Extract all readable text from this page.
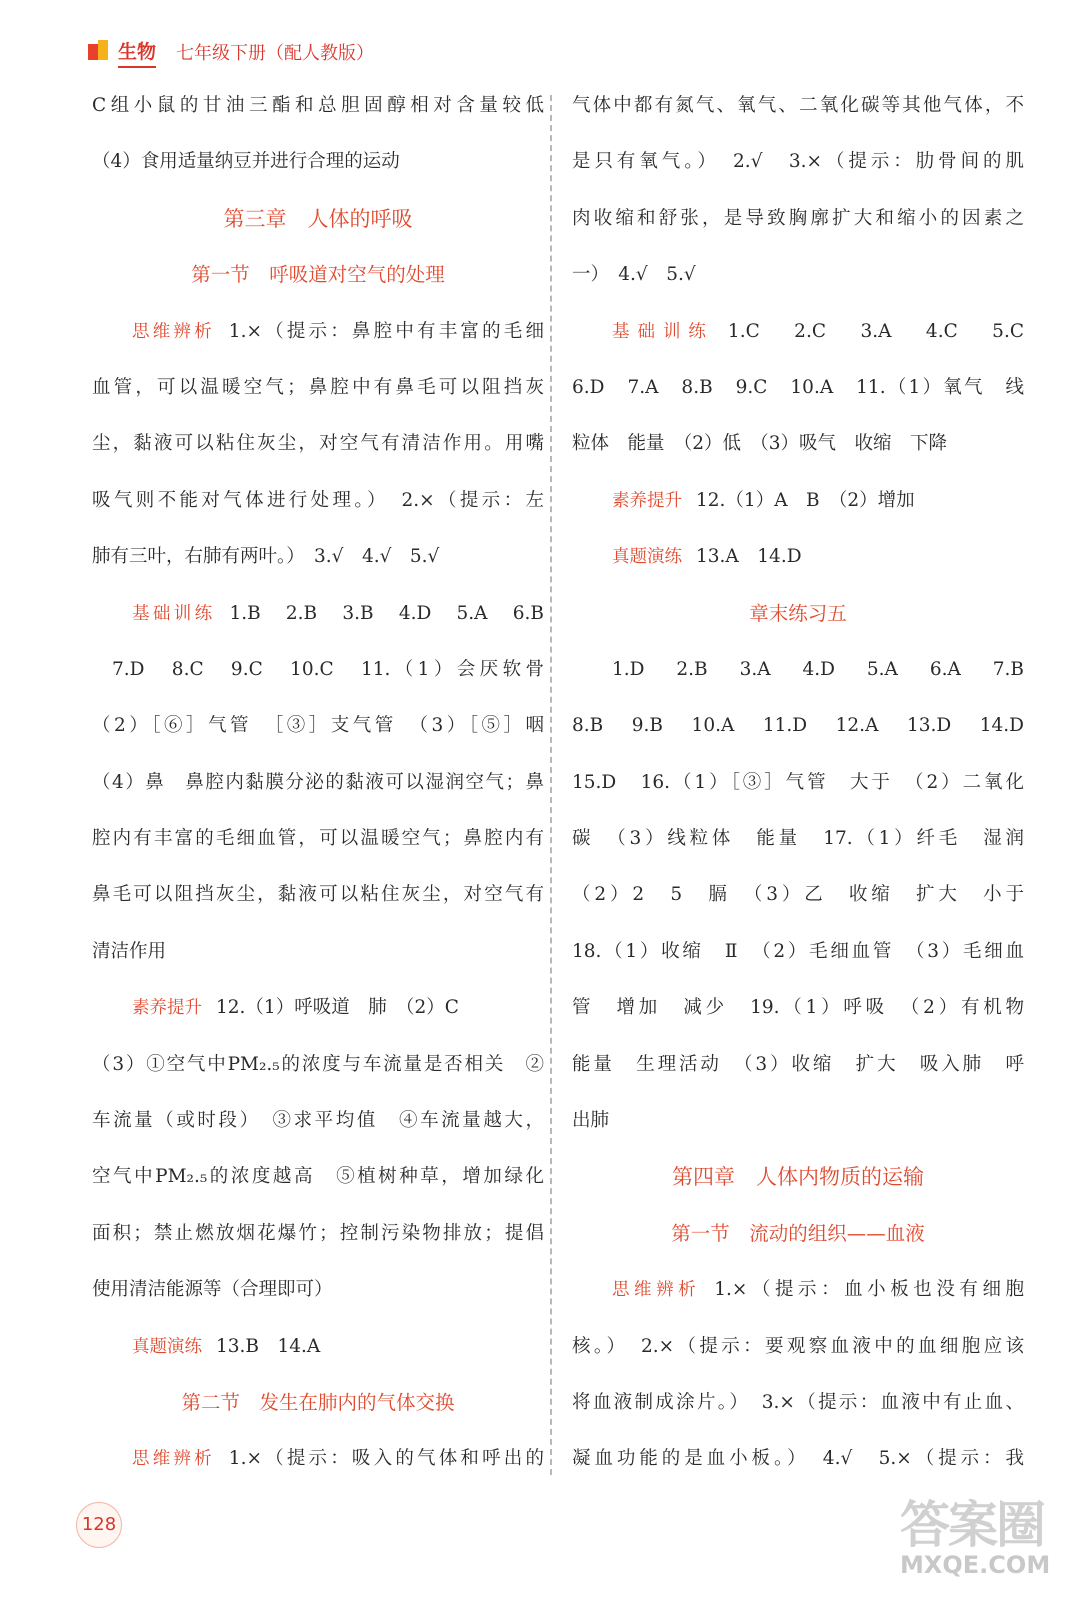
生物 七年级下册（配人教版）
C组小鼠的甘油三酯和总胆固醇相对含量较低
（4）食用适量纳豆并进行合理的运动
第三章　人体的呼吸
第一节　呼吸道对空气的处理
思维辨析 1.×（提示：鼻腔中有丰富的毛细
血管，可以温暖空气；鼻腔中有鼻毛可以阻挡灰
尘，黏液可以粘住灰尘，对空气有清洁作用。用嘴
吸气则不能对气体进行处理。）　2.×（提示：左
肺有三叶，右肺有两叶。）　3.√　4.√　5.√
基础训练 1.B　2.B　3.B　4.D　5.A　6.B
7.D　8.C　9.C　10.C　11.（1）会厌软骨
（2）［⑥］气管　［③］支气管　（3）［⑤］咽
（4）鼻　鼻腔内黏膜分泌的黏液可以湿润空气；鼻
腔内有丰富的毛细血管，可以温暖空气；鼻腔内有
鼻毛可以阻挡灰尘，黏液可以粘住灰尘，对空气有
清洁作用
素养提升 12.（1）呼吸道　肺　（2）C
（3）①空气中PM₂.₅的浓度与车流量是否相关　②
车流量（或时段）　③求平均值　④车流量越大，
空气中PM₂.₅的浓度越高　⑤植树种草，增加绿化
面积；禁止燃放烟花爆竹；控制污染物排放；提倡
使用清洁能源等（合理即可）
真题演练 13.B　14.A
第二节　发生在肺内的气体交换
思维辨析 1.×（提示：吸入的气体和呼出的
气体中都有氮气、氧气、二氧化碳等其他气体，不
是只有氧气。）　2.√　3.×（提示：肋骨间的肌
肉收缩和舒张，是导致胸廓扩大和缩小的因素之
一）　4.√　5.√
基础训练 1.C　2.C　3.A　4.C　5.C
6.D　7.A　8.B　9.C　10.A　11.（1）氧气　线
粒体　能量　（2）低　（3）吸气　收缩　下降
素养提升 12.（1）A　B　（2）增加
真题演练 13.A　14.D
章末练习五
1.D　2.B　3.A　4.D　5.A　6.A　7.B
8.B　9.B　10.A　11.D　12.A　13.D　14.D
15.D　16.（1）［③］气管　大于　（2）二氧化
碳　（3）线粒体　能量　17.（1）纤毛　湿润
（2）2　5　膈　（3）乙　收缩　扩大　小于
18.（1）收缩　Ⅱ　（2）毛细血管　（3）毛细血
管　增加　减少　19.（1）呼吸　（2）有机物
能量　生理活动　（3）收缩　扩大　吸入肺　呼
出肺
第四章　人体内物质的运输
第一节　流动的组织——血液
思维辨析 1.×（提示：血小板也没有细胞
核。）　2.×（提示：要观察血液中的血细胞应该
将血液制成涂片。）　3.×（提示：血液中有止血、
凝血功能的是血小板。）　4.√　5.×（提示：我
128	答案圈
MXQE.COM
